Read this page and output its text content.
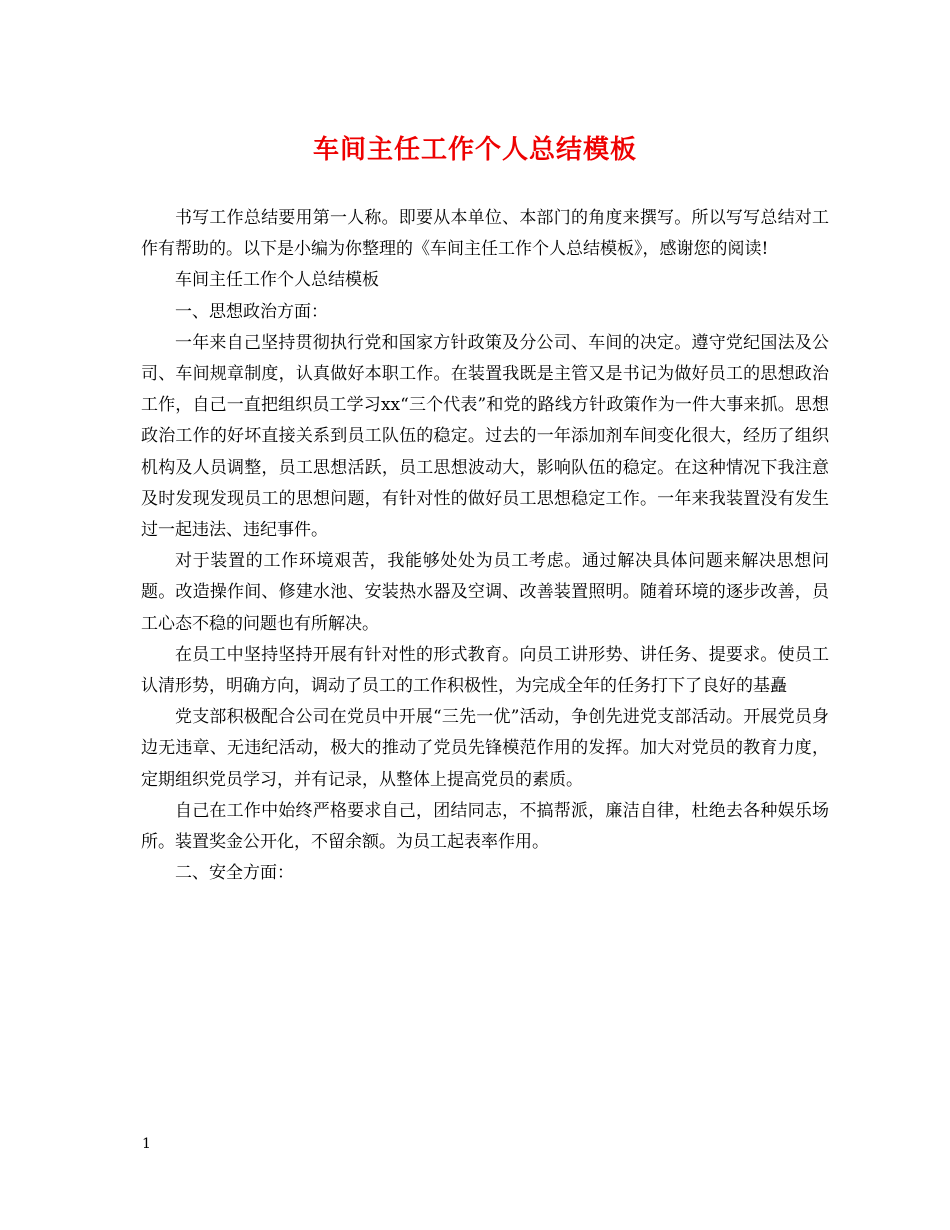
车间主任工作个人总结模板

书写工作总结要用第一人称。即要从本单位、本部门的角度来撰写。所以写写总结对工作有帮助的。以下是小编为你整理的《车间主任工作个人总结模板》，感谢您的阅读!

车间主任工作个人总结模板

一、思想政治方面：

一年来自己坚持贯彻执行党和国家方针政策及分公司、车间的决定。遵守党纪国法及公司、车间规章制度，认真做好本职工作。在装置我既是主管又是书记为做好员工的思想政治工作，自己一直把组织员工学习xx“三个代表”和党的路线方针政策作为一件大事来抓。思想政治工作的好坏直接关系到员工队伍的稳定。过去的一年添加剂车间变化很大，经历了组织机构及人员调整，员工思想活跃，员工思想波动大，影响队伍的稳定。在这种情况下我注意及时发现发现员工的思想问题，有针对性的做好员工思想稳定工作。一年来我装置没有发生过一起违法、违纪事件。

对于装置的工作环境艰苦，我能够处处为员工考虑。通过解决具体问题来解决思想问题。改造操作间、修建水池、安装热水器及空调、改善装置照明。随着环境的逐步改善，员工心态不稳的问题也有所解决。

在员工中坚持坚持开展有针对性的形式教育。向员工讲形势、讲任务、提要求。使员工认清形势，明确方向，调动了员工的工作积极性，为完成全年的任务打下了良好的基矗

党支部积极配合公司在党员中开展“三先一优”活动，争创先进党支部活动。开展党员身边无违章、无违纪活动，极大的推动了党员先锋模范作用的发挥。加大对党员的教育力度，定期组织党员学习，并有记录，从整体上提高党员的素质。

自己在工作中始终严格要求自己，团结同志，不搞帮派，廉洁自律，杜绝去各种娱乐场所。装置奖金公开化，不留余额。为员工起表率作用。

二、安全方面：

1
